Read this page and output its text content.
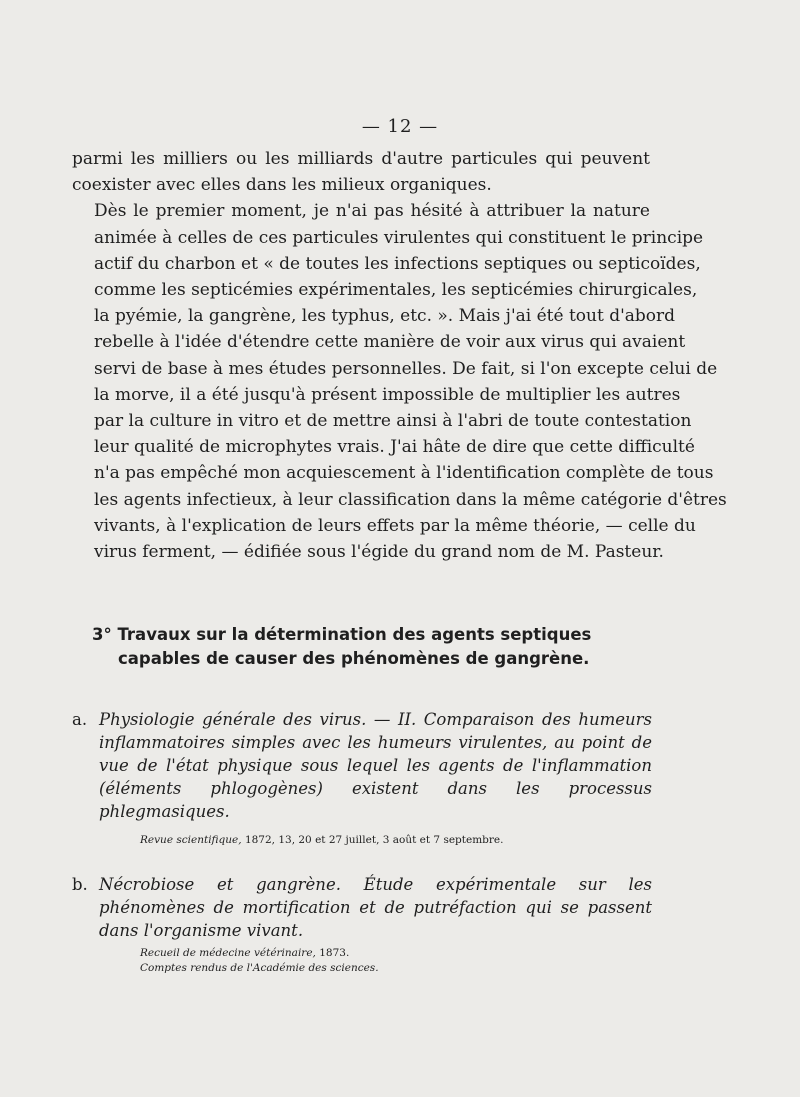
— 12 —

parmi les milliers ou les milliards d'autre particules qui peuvent
coexister avec elles dans les milieux organiques.

Dès le premier moment, je n'ai pas hésité à attribuer la nature
animée à celles de ces particules virulentes qui constituent le principe
actif du charbon et « de toutes les infections septiques ou septicoïdes,
comme les septicémies expérimentales, les septicémies chirurgicales,
la pyémie, la gangrène, les typhus, etc. ». Mais j'ai été tout d'abord
rebelle à l'idée d'étendre cette manière de voir aux virus qui avaient
servi de base à mes études personnelles. De fait, si l'on excepte celui de
la morve, il a été jusqu'à présent impossible de multiplier les autres
par la culture in vitro et de mettre ainsi à l'abri de toute contestation
leur qualité de microphytes vrais. J'ai hâte de dire que cette difficulté
n'a pas empêché mon acquiescement à l'identification complète de tous
les agents infectieux, à leur classification dans la même catégorie d'êtres
vivants, à l'explication de leurs effets par la même théorie, — celle du
virus ferment, — édifiée sous l'égide du grand nom de M. Pasteur.

3° Travaux sur la détermination des agents septiques
capables de causer des phénomènes de gangrène.
a. Physiologie générale des virus. — II. Comparaison des humeurs inflammatoires simples avec les humeurs virulentes, au point de vue de l'état physique sous lequel les agents de l'inflammation (éléments phlogogènes) existent dans les processus phlegmasiques.
Revue scientifique, 1872, 13, 20 et 27 juillet, 3 août et 7 septembre.
b. Nécrobiose et gangrène. Étude expérimentale sur les phénomènes de mortification et de putréfaction qui se passent dans l'organisme vivant.
Recueil de médecine vétérinaire, 1873.
Comptes rendus de l'Académie des sciences.
